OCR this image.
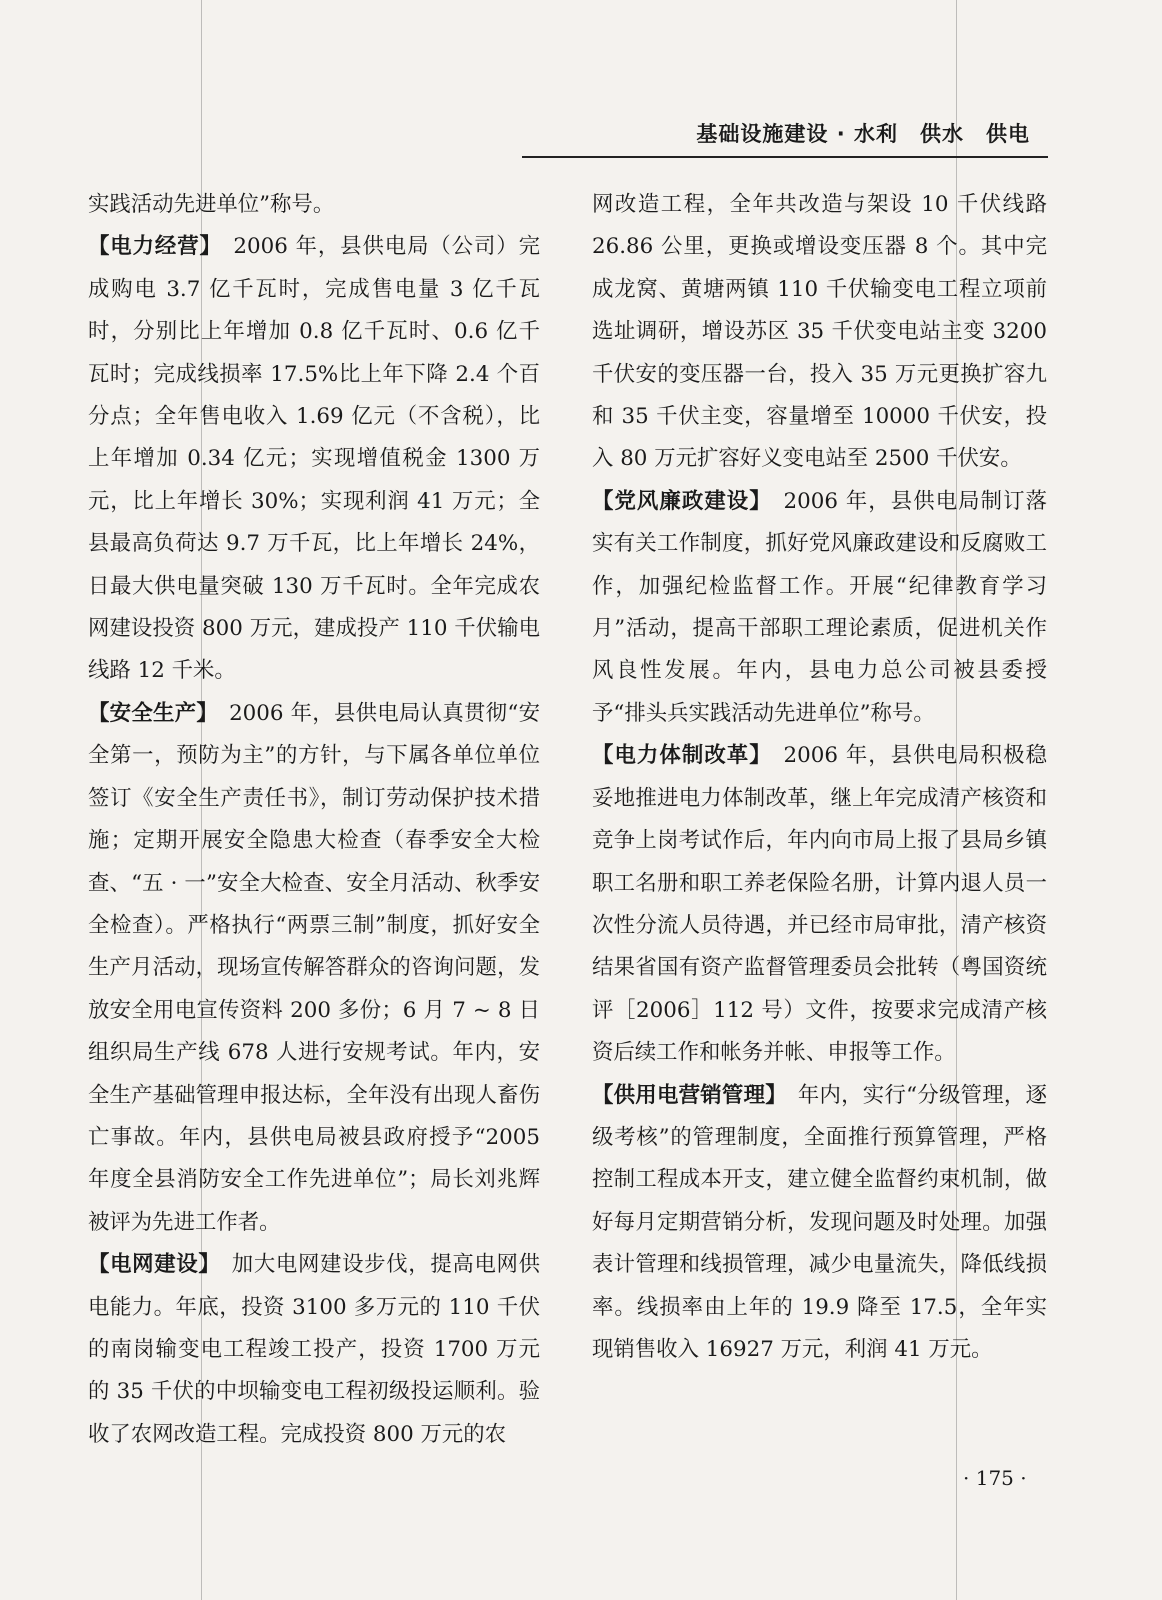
基础设施建设 · 水利　供水　供电

实践活动先进单位”称号。

【电力经营】　 2006 年，县供电局（公司）完成购电 3.7 亿千瓦时，完成售电量 3 亿千瓦时，分别比上年增加 0.8 亿千瓦时、0.6 亿千瓦时；完成线损率 17.5%比上年下降 2.4 个百分点；全年售电收入 1.69 亿元（不含税），比上年增加 0.34 亿元；实现增值税金 1300 万元，比上年增长 30%；实现利润 41 万元；全县最高负荷达 9.7 万千瓦，比上年增长 24%，日最大供电量突破 130 万千瓦时。全年完成农网建设投资 800 万元，建成投产 110 千伏输电线路 12 千米。

【安全生产】　 2006 年，县供电局认真贯彻“安全第一，预防为主”的方针，与下属各单位单位签订《安全生产责任书》，制订劳动保护技术措施；定期开展安全隐患大检查（春季安全大检查、“五 · 一”安全大检查、安全月活动、秋季安全检查）。严格执行“两票三制”制度，抓好安全生产月活动，现场宣传解答群众的咨询问题，发放安全用电宣传资料 200 多份；6 月 7 ~ 8 日组织局生产线 678 人进行安规考试。年内，安全生产基础管理申报达标，全年没有出现人畜伤亡事故。年内，县供电局被县政府授予“2005 年度全县消防安全工作先进单位”；局长刘兆辉被评为先进工作者。

【电网建设】　 加大电网建设步伐，提高电网供电能力。年底，投资 3100 多万元的 110 千伏的南岗输变电工程竣工投产，投资 1700 万元的 35 千伏的中坝输变电工程初级投运顺利。验收了农网改造工程。完成投资 800 万元的农

网改造工程，全年共改造与架设 10 千伏线路 26.86 公里，更换或增设变压器 8 个。其中完成龙窝、黄塘两镇 110 千伏输变电工程立项前选址调研，增设苏区 35 千伏变电站主变 3200 千伏安的变压器一台，投入 35 万元更换扩容九和 35 千伏主变，容量增至 10000 千伏安，投入 80 万元扩容好义变电站至 2500 千伏安。

【党风廉政建设】　 2006 年，县供电局制订落实有关工作制度，抓好党风廉政建设和反腐败工作，加强纪检监督工作。开展“纪律教育学习月”活动，提高干部职工理论素质，促进机关作风良性发展。年内，县电力总公司被县委授予“排头兵实践活动先进单位”称号。

【电力体制改革】　 2006 年，县供电局积极稳妥地推进电力体制改革，继上年完成清产核资和竞争上岗考试作后，年内向市局上报了县局乡镇职工名册和职工养老保险名册，计算内退人员一次性分流人员待遇，并已经市局审批，清产核资结果省国有资产监督管理委员会批转（粤国资统评［2006］112 号）文件，按要求完成清产核资后续工作和帐务并帐、申报等工作。

【供用电营销管理】　 年内，实行“分级管理，逐级考核”的管理制度，全面推行预算管理，严格控制工程成本开支，建立健全监督约束机制，做好每月定期营销分析，发现问题及时处理。加强表计管理和线损管理，减少电量流失，降低线损率。线损率由上年的 19.9 降至 17.5，全年实现销售收入 16927 万元，利润 41 万元。

· 175 ·
